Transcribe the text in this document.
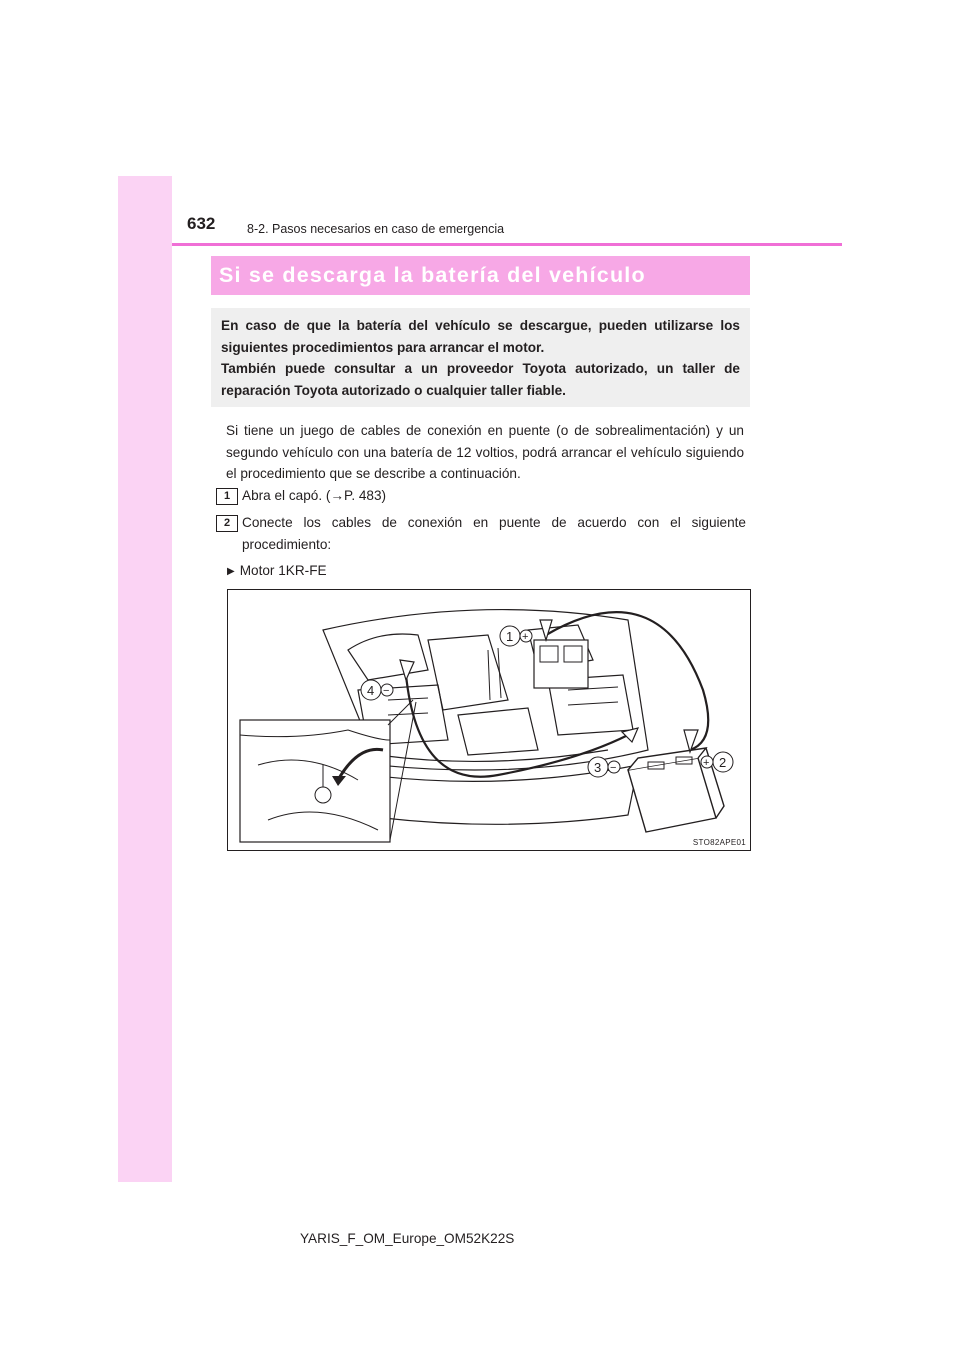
632	8-2. Pasos necesarios en caso de emergencia
Si se descarga la batería del vehículo

En caso de que la batería del vehículo se descargue, pueden utilizarse los siguientes procedimientos para arrancar el motor.

También puede consultar a un proveedor Toyota autorizado, un taller de reparación Toyota autorizado o cualquier taller fiable.

Si tiene un juego de cables de conexión en puente (o de sobrealimentación) y un segundo vehículo con una batería de 12 voltios, podrá arrancar el vehículo siguiendo el procedimiento que se describe a continuación.

1 Abra el capó. (→P. 483)
2 Conecte los cables de conexión en puente de acuerdo con el siguiente procedimiento:
▶ Motor 1KR-FE
1 +
2
+
3 −
4 −
STO82APE01
YARIS_F_OM_Europe_OM52K22S
